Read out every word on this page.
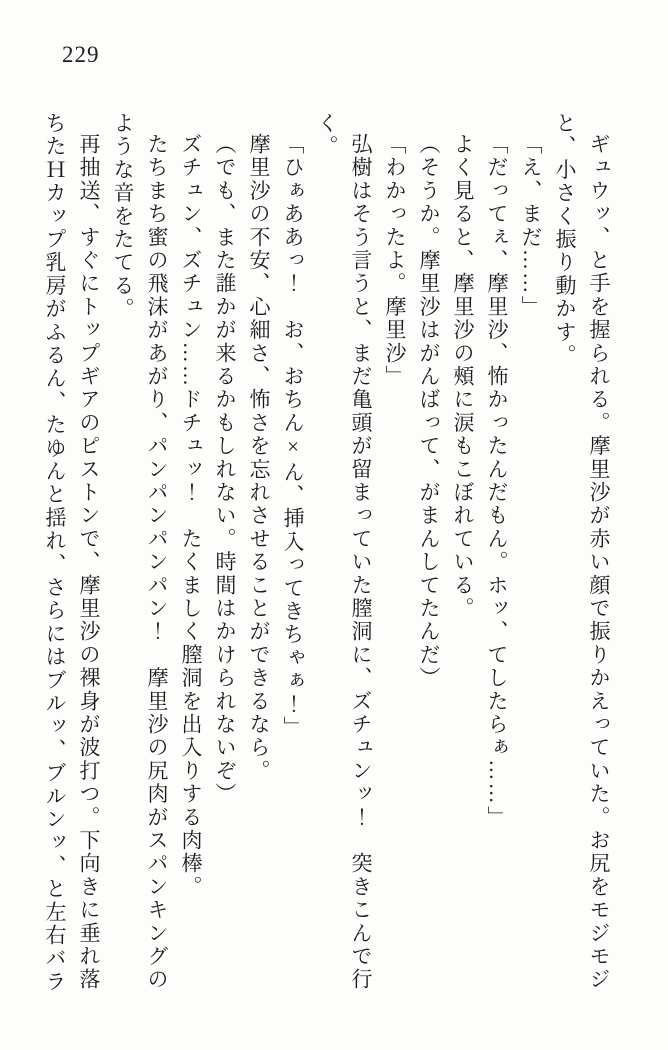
229

ギュウッ、と手を握られる。摩里沙が赤い顔で振りかえっていた。お尻をモジモジと、小さく振り動かす。

「え、まだ……」

「だってぇ、摩里沙、怖かったんだもん。ホッ、てしたらぁ……」

よく見ると、摩里沙の頰に涙もこぼれている。

（そうか。摩里沙はがんばって、がまんしてたんだ）

「わかったよ。摩里沙」

弘樹はそう言うと、まだ亀頭が留まっていた膣洞に、ズチュンッ！　突きこんで行く。

「ひぁああっ！　お、おちん×ん、挿入ってきちゃぁ！」

摩里沙の不安、心細さ、怖さを忘れさせることができるなら。

（でも、また誰かが来るかもしれない。時間はかけられないぞ）

ズチュン、ズチュン……ドチュッ！　たくましく膣洞を出入りする肉棒。

たちまち蜜の飛沫があがり、パンパンパンパン！　摩里沙の尻肉がスパンキングのような音をたてる。

再抽送、すぐにトップギアのピストンで、摩里沙の裸身が波打つ。下向きに垂れ落ちたＨカップ乳房がふるん、たゆんと揺れ、さらにはブルッ、ブルンッ、と左右バラ
